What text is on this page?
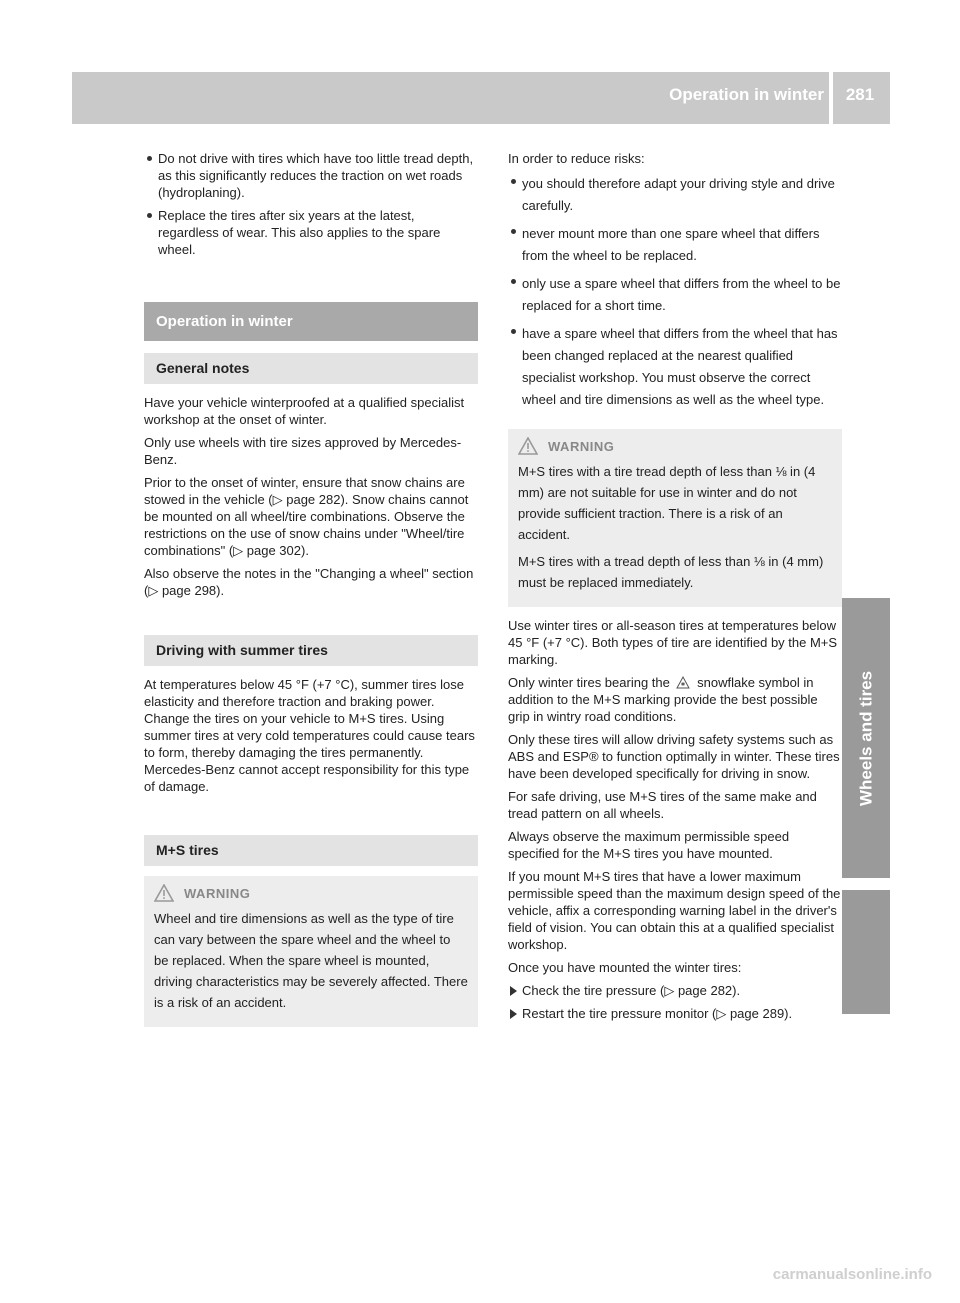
Operation in winter	281
Wheels and tires
Do not drive with tires which have too little tread depth, as this significantly reduces the traction on wet roads (hydroplaning).
Replace the tires after six years at the latest, regardless of wear. This also applies to the spare wheel.
Operation in winter
General notes

Have your vehicle winterproofed at a qualified specialist workshop at the onset of winter.

Only use wheels with tire sizes approved by Mercedes-Benz.

Prior to the onset of winter, ensure that snow chains are stowed in the vehicle (▷ page 282). Snow chains cannot be mounted on all wheel/tire combinations. Observe the restrictions on the use of snow chains under "Wheel/tire combinations" (▷ page 302).

Also observe the notes in the "Changing a wheel" section (▷ page 298).

Driving with summer tires

At temperatures below 45 °F (+7 °C), summer tires lose elasticity and therefore traction and braking power. Change the tires on your vehicle to M+S tires. Using summer tires at very cold temperatures could cause tears to form, thereby damaging the tires permanently. Mercedes-Benz cannot accept responsibility for this type of damage.

M+S tires
WARNING

Wheel and tire dimensions as well as the type of tire can vary between the spare wheel and the wheel to be replaced. When the spare wheel is mounted, driving characteristics may be severely affected. There is a risk of an accident.

In order to reduce risks:

you should therefore adapt your driving style and drive carefully.
never mount more than one spare wheel that differs from the wheel to be replaced.
only use a spare wheel that differs from the wheel to be replaced for a short time.
have a spare wheel that differs from the wheel that has been changed replaced at the nearest qualified specialist workshop. You must observe the correct wheel and tire dimensions as well as the wheel type.
WARNING

M+S tires with a tire tread depth of less than ⅛ in (4 mm) are not suitable for use in winter and do not provide sufficient traction. There is a risk of an accident.

M+S tires with a tread depth of less than ⅛ in (4 mm) must be replaced immediately.

Use winter tires or all-season tires at temperatures below 45 °F (+7 °C). Both types of tire are identified by the M+S marking.

Only winter tires bearing the snowflake symbol in addition to the M+S marking provide the best possible grip in wintry road conditions.

Only these tires will allow driving safety systems such as ABS and ESP® to function optimally in winter. These tires have been developed specifically for driving in snow.

For safe driving, use M+S tires of the same make and tread pattern on all wheels.

Always observe the maximum permissible speed specified for the M+S tires you have mounted.

If you mount M+S tires that have a lower maximum permissible speed than the maximum design speed of the vehicle, affix a corresponding warning label in the driver's field of vision. You can obtain this at a qualified specialist workshop.

Once you have mounted the winter tires:

Check the tire pressure (▷ page 282).
Restart the tire pressure monitor (▷ page 289).
carmanualsonline.info
